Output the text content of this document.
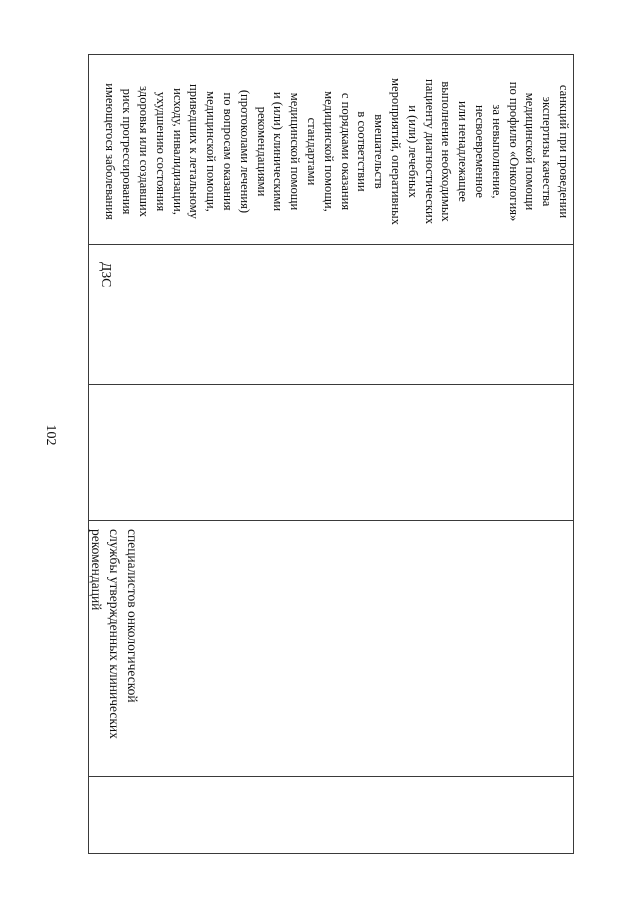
102
санкций при проведении
экспертизы качества
медицинской помощи
по профилю «Онкология»
за невыполнение,
несвоевременное
или ненадлежащее
выполнение необходимых
пациенту диагностических
и (или) лечебных
мероприятий, оперативных
вмешательств
в соответствии
с порядками оказания
медицинской помощи,
стандартами
медицинской помощи
и (или) клиническими
рекомендациями
(протоколами лечения)
по вопросам оказания
медицинской помощи,
приведших к летальному
исходу, инвалидизации,
ухудшению состояния
здоровья или создавших
риск прогрессирования
имеющегося заболевания
ДЗС
специалистов онкологической
службы утвержденных клинических
рекомендаций
